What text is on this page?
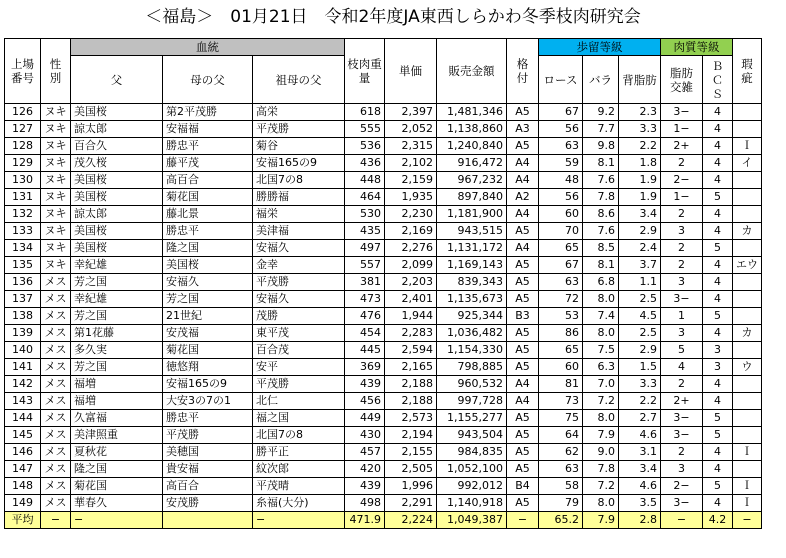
＜福島＞　01月21日　令和2年度JA東西しらかわ冬季枝肉研究会
上場番号	性別	血統			枝肉重量	単価	販売金額	格付	歩留等級			肉質等級		瑕疵
		父	母の父	祖母の父					ロース	バラ	背脂肪	脂肪交雑	ＢＣＳ	
126	ヌキ	美国桜	第2平茂勝	高栄	618	2,397	1,481,346	A5	67	9.2	2.3	3−	4	
127	ヌキ	諒太郎	安福福	平茂勝	555	2,052	1,138,860	A3	56	7.7	3.3	1−	4	
128	ヌキ	百合久	勝忠平	菊谷	536	2,315	1,240,840	A5	63	9.8	2.2	2+	4	Ｉ
129	ヌキ	茂久桜	藤平茂	安福165の9	436	2,102	916,472	A4	59	8.1	1.8	2	4	イ
130	ヌキ	美国桜	高百合	北国7の8	448	2,159	967,232	A4	48	7.6	1.9	2−	4	
131	ヌキ	美国桜	菊花国	勝勝福	464	1,935	897,840	A2	56	7.8	1.9	1−	5	
132	ヌキ	諒太郎	藤北景	福栄	530	2,230	1,181,900	A4	60	8.6	3.4	2	4	
133	ヌキ	美国桜	勝忠平	美津福	435	2,169	943,515	A5	70	7.6	2.9	3	4	カ
134	ヌキ	美国桜	隆之国	安福久	497	2,276	1,131,172	A4	65	8.5	2.4	2	5	
135	ヌキ	幸紀雄	美国桜	金幸	557	2,099	1,169,143	A5	67	8.1	3.7	2	4	エウ
136	メス	芳之国	安福久	平茂勝	381	2,203	839,343	A5	63	6.8	1.1	3	4	
137	メス	幸紀雄	芳之国	安福久	473	2,401	1,135,673	A5	72	8.0	2.5	3−	4	
138	メス	芳之国	21世紀	茂勝	476	1,944	925,344	B3	53	7.4	4.5	1	5	
139	メス	第1花藤	安茂福	東平茂	454	2,283	1,036,482	A5	86	8.0	2.5	3	4	カ
140	メス	多久実	菊花国	百合茂	445	2,594	1,154,330	A5	65	7.5	2.9	5	3	
141	メス	芳之国	徳悠翔	安平	369	2,165	798,885	A5	60	6.3	1.5	4	3	ウ
142	メス	福増	安福165の9	平茂勝	439	2,188	960,532	A4	81	7.0	3.3	2	4	
143	メス	福増	大安3の7の1	北仁	456	2,188	997,728	A4	73	7.2	2.2	2+	4	
144	メス	久富福	勝忠平	福之国	449	2,573	1,155,277	A5	75	8.0	2.7	3−	5	
145	メス	美津照重	平茂勝	北国7の8	430	2,194	943,504	A5	64	7.9	4.6	3−	5	
146	メス	夏秋花	美穂国	勝平正	457	2,155	984,835	A5	62	9.0	3.1	2	4	Ｉ
147	メス	隆之国	貴安福	紋次郎	420	2,505	1,052,100	A5	63	7.8	3.4	3	4	
148	メス	菊花国	高百合	平茂晴	439	1,996	992,012	B4	58	7.2	4.6	2−	5	Ｉ
149	メス	華春久	安茂勝	糸福(大分)	498	2,291	1,140,918	A5	79	8.0	3.5	3−	4	Ｉ
平均	−	−		−	471.9	2,224	1,049,387	−	65.2	7.9	2.8	−	4.2	−
